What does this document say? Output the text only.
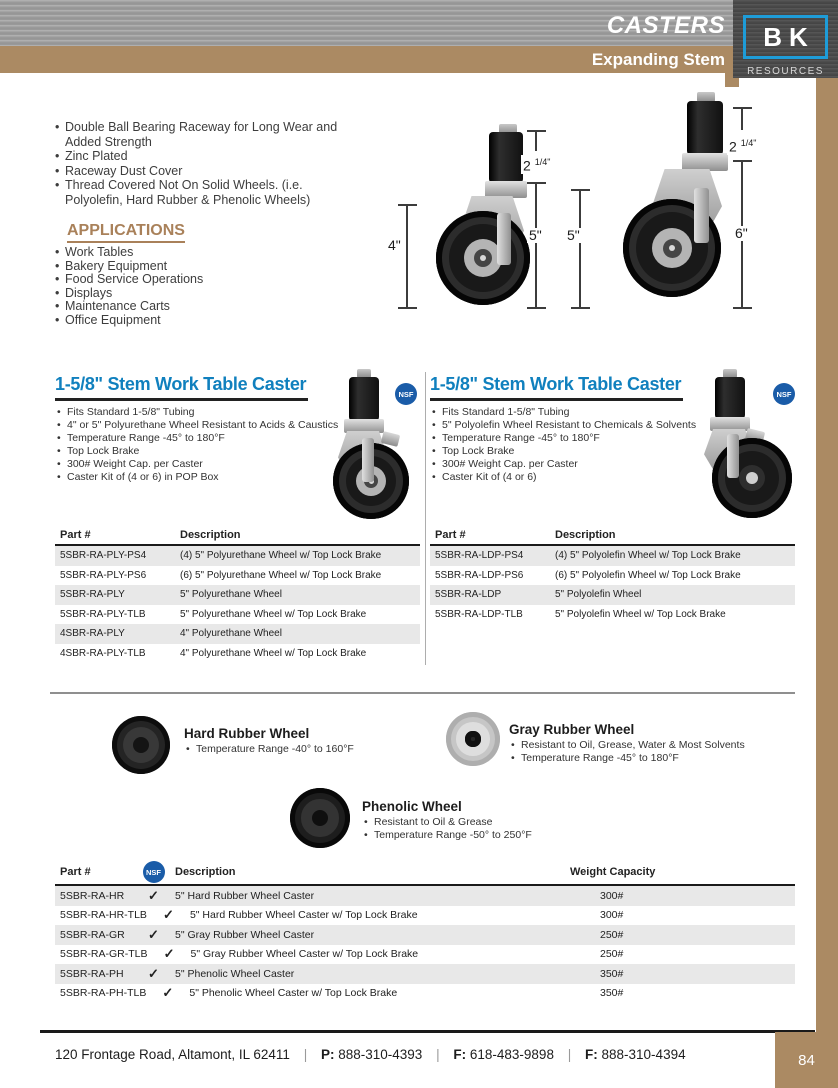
CASTERS
Expanding Stem
BK
RESOURCES
• Double Ball Bearing Raceway for Long Wear and Added Strength
• Zinc Plated
• Raceway Dust Cover
• Thread Covered Not On Solid Wheels. (i.e. Polyolefin, Hard Rubber & Phenolic Wheels)
APPLICATIONS
• Work Tables
• Bakery Equipment
• Food Service Operations
• Displays
• Maintenance Carts
• Office Equipment
4"
2 $^{1/4"}$
5" 5"
2 $^{1/4"}$
6"
1-5/8" Stem Work Table Caster
• Fits Standard 1-5/8" Tubing
• 4" or 5" Polyurethane Wheel Resistant to Acids & Caustics
• Temperature Range -45° to 180°F
• Top Lock Brake
• 300# Weight Cap. per Caster
• Caster Kit of (4 or 6) in POP Box
NSF 1-5/8" Stem Work Table Caster
• Fits Standard 1-5/8" Tubing
• 5" Polyolefin Wheel Resistant to Chemicals & Solvents
• Temperature Range -45° to 180°F
• Top Lock Brake
• 300# Weight Cap. per Caster
• Caster Kit of (4 or 6)
NSF
Part #	Description
5SBR-RA-PLY-PS4	(4) 5" Polyurethane Wheel w/ Top Lock Brake
5SBR-RA-PLY-PS6	(6) 5" Polyurethane Wheel w/ Top Lock Brake
5SBR-RA-PLY	5" Polyurethane Wheel
5SBR-RA-PLY-TLB	5" Polyurethane Wheel w/ Top Lock Brake
4SBR-RA-PLY	4" Polyurethane Wheel
4SBR-RA-PLY-TLB	4" Polyurethane Wheel w/ Top Lock Brake
Part #	Description
5SBR-RA-LDP-PS4	(4) 5" Polyolefin Wheel w/ Top Lock Brake
5SBR-RA-LDP-PS6	(6) 5" Polyolefin Wheel w/ Top Lock Brake
5SBR-RA-LDP	5" Polyolefin Wheel
5SBR-RA-LDP-TLB	5" Polyolefin Wheel w/ Top Lock Brake
Hard Rubber Wheel
• Temperature Range -40° to 160°F
Gray Rubber Wheel
• Resistant to Oil, Grease, Water & Most Solvents
• Temperature Range -45° to 180°F
Phenolic Wheel
• Resistant to Oil & Grease
• Temperature Range -50° to 250°F
Part #	NSF	Description	Weight Capacity
5SBR-RA-HR	✓	5" Hard Rubber Wheel Caster	300#
5SBR-RA-HR-TLB	✓	5" Hard Rubber Wheel Caster w/ Top Lock Brake	300#
5SBR-RA-GR	✓	5" Gray Rubber Wheel Caster	250#
5SBR-RA-GR-TLB	✓	5" Gray Rubber Wheel Caster w/ Top Lock Brake	250#
5SBR-RA-PH	✓	5" Phenolic Wheel Caster	350#
5SBR-RA-PH-TLB	✓	5" Phenolic Wheel Caster w/ Top Lock Brake	350#
120 Frontage Road, Altamont, IL 62411 | P: 888-310-4393 | F: 618-483-9898 | F: 888-310-4394	84
